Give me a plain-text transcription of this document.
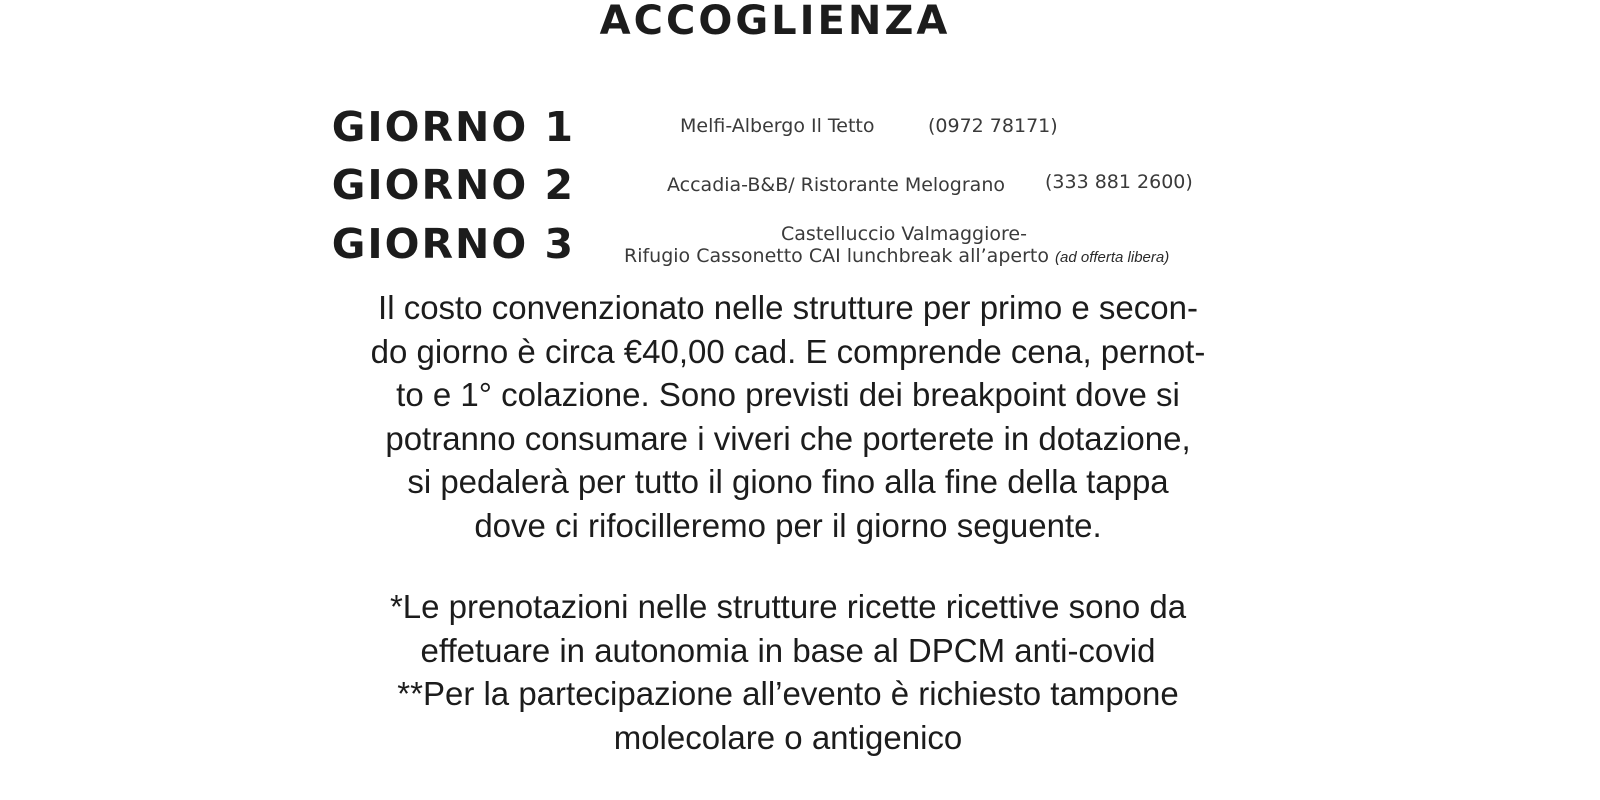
ACCOGLIENZA
GIORNO 1	Melfi-Albergo Il Tetto	(0972 78171)
GIORNO 2	Accadia-B&B/ Ristorante Melograno (333 881 2600)
GIORNO 3	Castelluccio Valmaggiore-
Rifugio Cassonetto CAI lunchbreak all’aperto (ad offerta libera)
Il costo convenzionato nelle strutture per primo e secon-
do giorno è circa €40,00 cad. E comprende cena, pernot-
to e 1° colazione. Sono previsti dei breakpoint dove si
potranno consumare i viveri che porterete in dotazione,
si pedalerà per tutto il giono fino alla fine della tappa
dove ci rifocilleremo per il giorno seguente.
*Le prenotazioni nelle strutture ricette ricettive sono da
effetuare in autonomia in base al DPCM anti-covid
**Per la partecipazione all’evento è richiesto tampone
molecolare o antigenico
